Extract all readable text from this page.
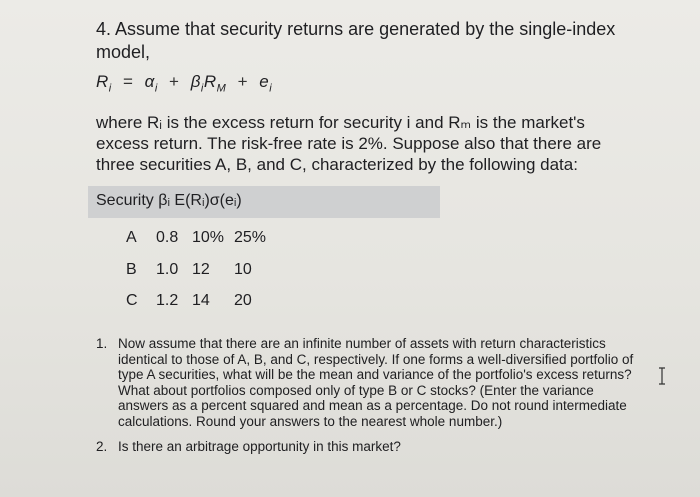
4. Assume that security returns are generated by the single-index model,
$R_i = \alpha_i + \beta_iR_M + e_i$
where Rᵢ is the excess return for security i and Rₘ is the market's excess return. The risk-free rate is 2%. Suppose also that there are three securities A, B, and C, characterized by the following data:
Security βᵢ E(Rᵢ)σ(eᵢ)
A 0.8 10% 25%
B 1.0 12 10
C 1.2 14 20
1. Now assume that there are an infinite number of assets with return characteristics identical to those of A, B, and C, respectively. If one forms a well-diversified portfolio of type A securities, what will be the mean and variance of the portfolio's excess returns? What about portfolios composed only of type B or C stocks? (Enter the variance answers as a percent squared and mean as a percentage. Do not round intermediate calculations. Round your answers to the nearest whole number.)
2. Is there an arbitrage opportunity in this market?
